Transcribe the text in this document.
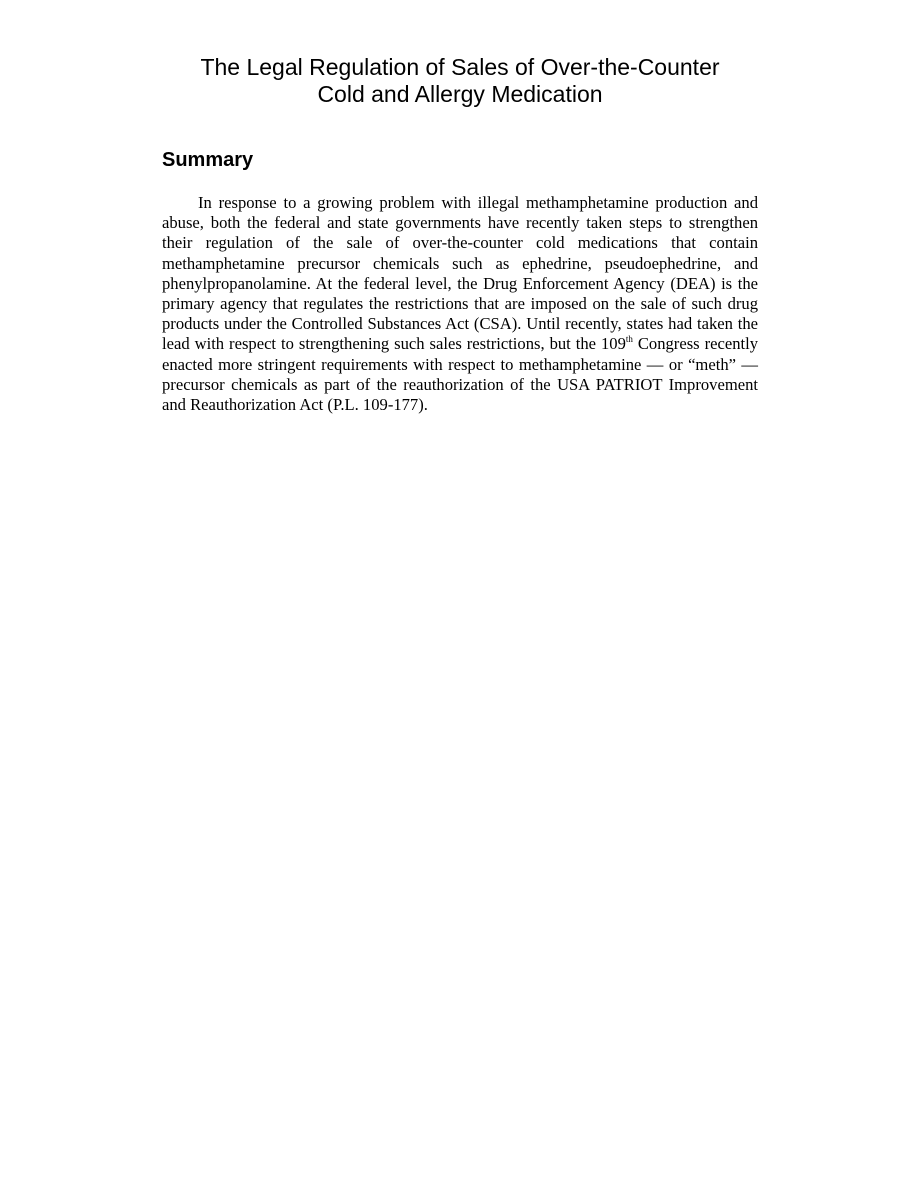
The Legal Regulation of Sales of Over-the-Counter
Cold and Allergy Medication
Summary

In response to a growing problem with illegal methamphetamine production and abuse, both the federal and state governments have recently taken steps to strengthen their regulation of the sale of over-the-counter cold medications that contain methamphetamine precursor chemicals such as ephedrine, pseudoephedrine, and phenylpropanolamine. At the federal level, the Drug Enforcement Agency (DEA) is the primary agency that regulates the restrictions that are imposed on the sale of such drug products under the Controlled Substances Act (CSA). Until recently, states had taken the lead with respect to strengthening such sales restrictions, but the 109th Congress recently enacted more stringent requirements with respect to methamphetamine — or “meth” — precursor chemicals as part of the reauthorization of the USA PATRIOT Improvement and Reauthorization Act (P.L. 109-177).
